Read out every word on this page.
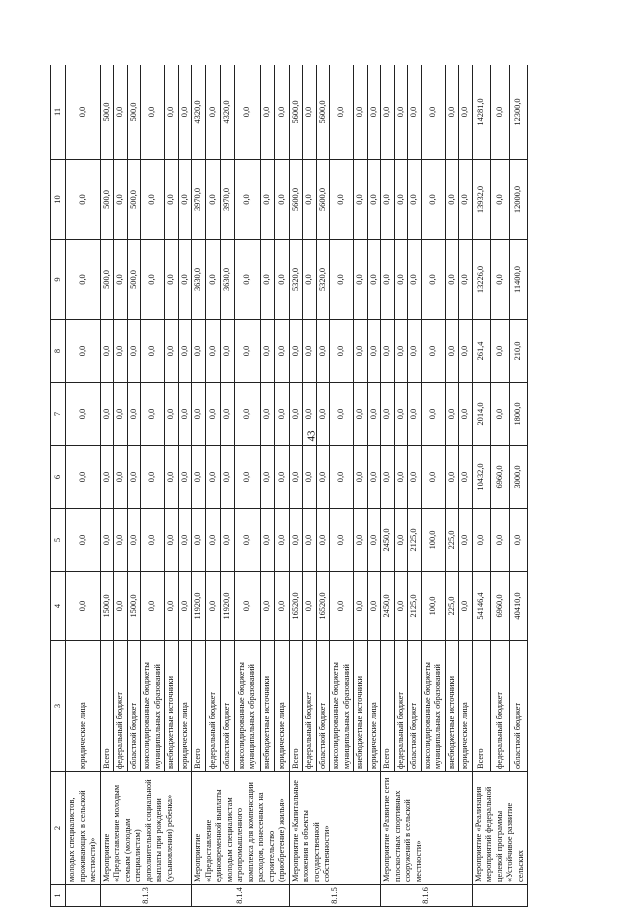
43
1	2	3	4	5	6	7	8	9	10	11
	молодых специалистов, проживающих в сельской местности)»	юридические лица	0,0	0,0	0,0	0,0	0,0	0,0	0,0	0,0
8.1.3	Мероприятие «Предоставление молодым семьям (молодым специалистам) дополнительной социальной выплаты при рождении (усыновлении) ребенка»	Всего	1500,0	0,0	0,0	0,0	0,0	500,0	500,0	500,0
		федеральный бюджет	0,0	0,0	0,0	0,0	0,0	0,0	0,0	0,0
		областной бюджет	1500,0	0,0	0,0	0,0	0,0	500,0	500,0	500,0
		консолидированные бюджеты муниципальных образований	0,0	0,0	0,0	0,0	0,0	0,0	0,0	0,0
		внебюджетные источники	0,0	0,0	0,0	0,0	0,0	0,0	0,0	0,0
		юридические лица	0,0	0,0	0,0	0,0	0,0	0,0	0,0	0,0
8.1.4	Мероприятие «Предоставление единовременной выплаты молодым специалистам агропромышленного комплекса для компенсации расходов, понесенных на строительство (приобретение) жилья»	Всего	11920,0	0,0	0,0	0,0	0,0	3630,0	3970,0	4320,0
		федеральный бюджет	0,0	0,0	0,0	0,0	0,0	0,0	0,0	0,0
		областной бюджет	11920,0	0,0	0,0	0,0	0,0	3630,0	3970,0	4320,0
		консолидированные бюджеты муниципальных образований	0,0	0,0	0,0	0,0	0,0	0,0	0,0	0,0
		внебюджетные источники	0,0	0,0	0,0	0,0	0,0	0,0	0,0	0,0
		юридические лица	0,0	0,0	0,0	0,0	0,0	0,0	0,0	0,0
8.1.5	Мероприятие «Капитальные вложения в объекты государственной собственности»	Всего	16520,0	0,0	0,0	0,0	0,0	5320,0	5600,0	5600,0
		федеральный бюджет	0,0	0,0	0,0	0,0	0,0	0,0	0,0	0,0
		областной бюджет	16520,0	0,0	0,0	0,0	0,0	5320,0	5600,0	5600,0
		консолидированные бюджеты муниципальных образований	0,0	0,0	0,0	0,0	0,0	0,0	0,0	0,0
		внебюджетные источники	0,0	0,0	0,0	0,0	0,0	0,0	0,0	0,0
		юридические лица	0,0	0,0	0,0	0,0	0,0	0,0	0,0	0,0
8.1.6	Мероприятие «Развитие сети плоскостных спортивных сооружений в сельской местности»	Всего	2450,0	2450,0	0,0	0,0	0,0	0,0	0,0	0,0
		федеральный бюджет	0,0	0,0	0,0	0,0	0,0	0,0	0,0	0,0
		областной бюджет	2125,0	2125,0	0,0	0,0	0,0	0,0	0,0	0,0
		консолидированные бюджеты муниципальных образований	100,0	100,0	0,0	0,0	0,0	0,0	0,0	0,0
		внебюджетные источники	225,0	225,0	0,0	0,0	0,0	0,0	0,0	0,0
		юридические лица	0,0	0,0	0,0	0,0	0,0	0,0	0,0	0,0
	Мероприятие «Реализация мероприятий федеральной целевой программы «Устойчивое развитие сельских	Всего	54146,4	0,0	10432,0	2014,0	261,4	13226,0	13932,0	14281,0
		федеральный бюджет	6960,0	0,0	6960,0	0,0	0,0	0,0	0,0	0,0
		областной бюджет	40410,0	0,0	3000,0	1800,0	210,0	11400,0	12000,0	12300,0
